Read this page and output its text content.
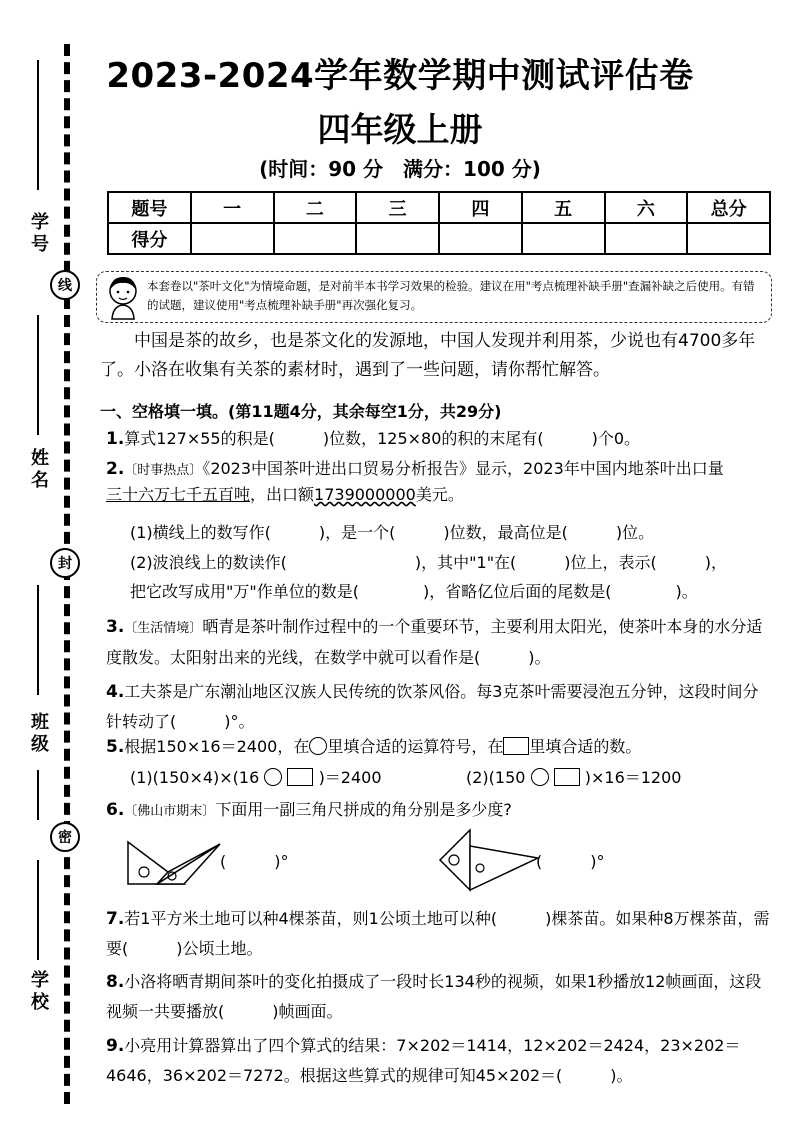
学号
线
姓名
封
班级
密
学校
2023-2024学年数学期中测试评估卷
四年级上册
(时间：90 分　满分：100 分)
题号	一	二	三	四	五	六	总分
得分							
本套卷以"茶叶文化"为情境命题，是对前半本书学习效果的检验。建议在用"考点梳理补缺手册"查漏补缺之后使用。有错的试题，建议使用"考点梳理补缺手册"再次强化复习。
中国是茶的故乡，也是茶文化的发源地，中国人发现并利用茶，少说也有4700多年了。小洛在收集有关茶的素材时，遇到了一些问题，请你帮忙解答。
一、空格填一填。(第11题4分，其余每空1分，共29分)
1.算式127×55的积是(　　　)位数，125×80的积的末尾有(　　　)个0。
2.〔时事热点〕《2023中国茶叶进出口贸易分析报告》显示，2023年中国内地茶叶出口量
三十六万七千五百吨，出口额1739000000美元。
(1)横线上的数写作(　　　)，是一个(　　　)位数，最高位是(　　　)位。
(2)波浪线上的数读作(　　　　　　　　)，其中"1"在(　　　)位上，表示(　　　)，
把它改写成用"万"作单位的数是(　　　　)，省略亿位后面的尾数是(　　　　)。
3.〔生活情境〕晒青是茶叶制作过程中的一个重要环节，主要利用太阳光，使茶叶本身的水分适度散发。太阳射出来的光线，在数学中就可以看作是(　　　)。
4.工夫茶是广东潮汕地区汉族人民传统的饮茶风俗。每3克茶叶需要浸泡五分钟，这段时间分针转动了(　　　)°。
5.根据150×16＝2400，在 里填合适的运算符号，在 里填合适的数。
(1)(150×4)×(16	)＝2400	(2)(150	)×16＝1200
6.〔佛山市期末〕下面用一副三角尺拼成的角分别是多少度?
(　　　)°	(　　　)°
7.若1平方米土地可以种4棵茶苗，则1公顷土地可以种(　　　)棵茶苗。如果种8万棵茶苗，需要(　　　)公顷土地。
8.小洛将晒青期间茶叶的变化拍摄成了一段时长134秒的视频，如果1秒播放12帧画面，这段视频一共要播放(　　　)帧画面。
9.小亮用计算器算出了四个算式的结果：7×202＝1414，12×202＝2424，23×202＝4646，36×202＝7272。根据这些算式的规律可知45×202＝(　　　)。
